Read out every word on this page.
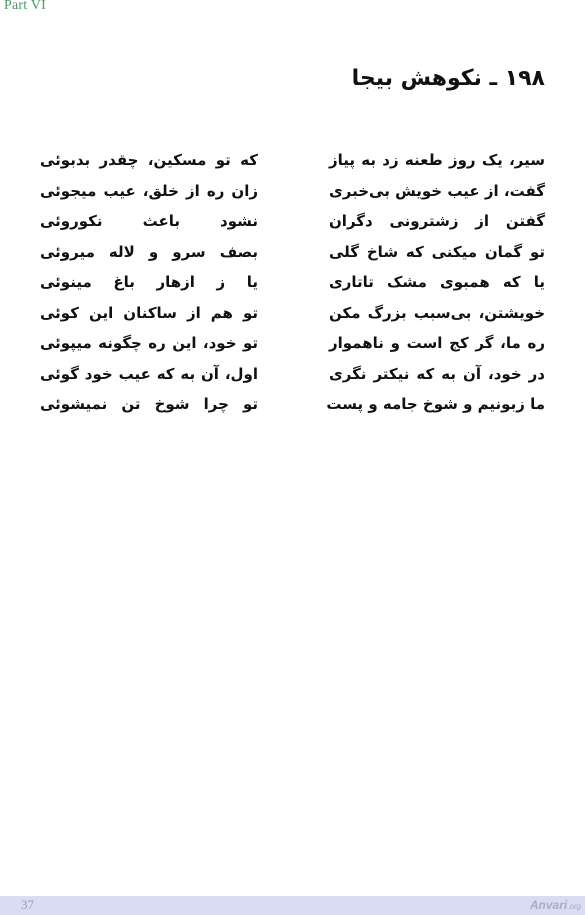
Part VI
۱۹۸ ـ نکوهش بیجا
سیر، یک روز طعنه زد به پیاز
که تو مسکین، چقدر بدبوئی
گفت، از عیب خویش بی‌خبری
زان ره از خلق، عیب میجوئی
گفتن از زشترونی دگران
نشود باعث نکوروئی
تو گمان میکنی که شاخ گلی
بصف سرو و لاله میروئی
یا که همبوی مشک تاتاری
یا ز ازهار باغ مینوئی
خویشتن، بی‌سبب بزرگ مکن
تو هم از ساکنان این کوئی
ره ما، گر کج است و ناهموار
تو خود، این ره چگونه میپوئی
در خود، آن به که نیکتر نگری
اول، آن به که عیب خود گوئی
ما زبونیم و شوخ جامه و پست
تو چرا شوخ تن نمیشوئی
37	Anvari.org
